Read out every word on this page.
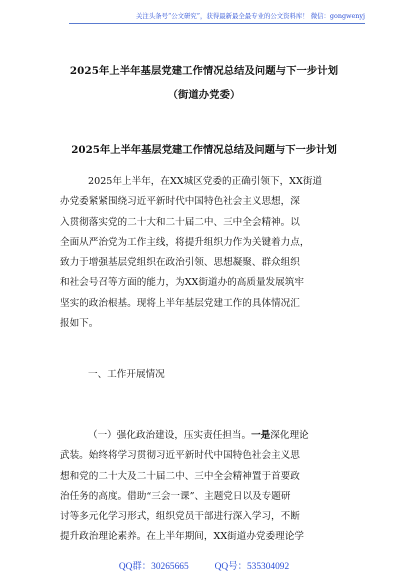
关注头条号“公文研究”，获得最新最全最专业的公文资料库！ 微信：gongwenyj
2025年上半年基层党建工作情况总结及问题与下一步计划
（街道办党委）
2025年上半年基层党建工作情况总结及问题与下一步计划
2025年上半年，在XX城区党委的正确引领下，XX街道
办党委紧紧围绕习近平新时代中国特色社会主义思想，深
入贯彻落实党的二十大和二十届二中、三中全会精神。以
全面从严治党为工作主线，将提升组织力作为关键着力点，
致力于增强基层党组织在政治引领、思想凝聚、群众组织
和社会号召等方面的能力，为XX街道办的高质量发展筑牢
坚实的政治根基。现将上半年基层党建工作的具体情况汇
报如下。
一、工作开展情况
（一）强化政治建设，压实责任担当。一是深化理论
武装。始终将学习贯彻习近平新时代中国特色社会主义思
想和党的二十大及二十届二中、三中全会精神置于首要政
治任务的高度。借助“三会一课”、主题党日以及专题研
讨等多元化学习形式，组织党员干部进行深入学习，不断
提升政治理论素养。在上半年期间，XX街道办党委理论学
QQ群：30265665	QQ号：535304092
